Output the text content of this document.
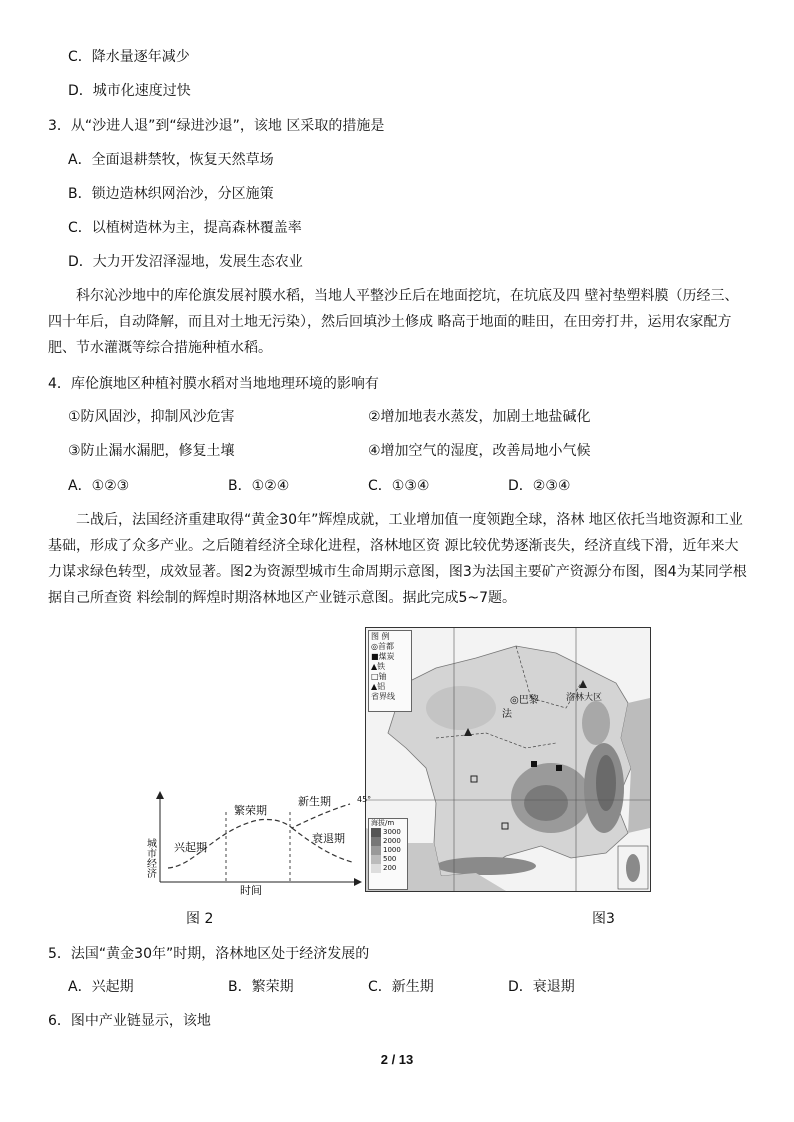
C．降水量逐年减少
D．城市化速度过快
3．从“沙进人退”到“绿进沙退”，该地 区采取的措施是
A．全面退耕禁牧，恢复天然草场
B．锁边造林织网治沙，分区施策
C．以植树造林为主，提高森林覆盖率
D．大力开发沼泽湿地，发展生态农业
科尔沁沙地中的库伦旗发展衬膜水稻，当地人平整沙丘后在地面挖坑，在坑底及四 壁衬垫塑料膜（历经三、四十年后，自动降解，而且对土地无污染），然后回填沙土修成 略高于地面的畦田，在田旁打井，运用农家配方肥、节水灌溉等综合措施种植水稻。
4．库伦旗地区种植衬膜水稻对当地地理环境的影响有
①防风固沙，抑制风沙危害	②增加地表水蒸发，加剧土地盐碱化
③防止漏水漏肥，修复土壤	④增加空气的湿度，改善局地小气候
A．①②③	B．①②④	C．①③④	D．②③④
二战后，法国经济重建取得“黄金30年”辉煌成就，工业增加值一度领跑全球，洛林 地区依托当地资源和工业基础，形成了众多产业。之后随着经济全球化进程，洛林地区资 源比较优势逐渐丧失，经济直线下滑，近年来大力谋求绿色转型，成效显著。图2为资源型城市生命周期示意图，图3为法国主要矿产资源分布图，图4为某同学根据自己所查资 料绘制的辉煌时期洛林地区产业链示意图。据此完成5~7题。
城市经济
时间
兴起期
繁荣期
新生期
衰退期
图 例
◎首都
■煤炭
▲铁
□铀
▲铝
省界线	◎巴黎
法
洛林大区
海拔/m
3000
2000
1000
500
200
45°
图 2	图3
5．法国“黄金30年”时期，洛林地区处于经济发展的
A．兴起期	B．繁荣期	C．新生期	D．衰退期
6．图中产业链显示，该地
2 / 13
